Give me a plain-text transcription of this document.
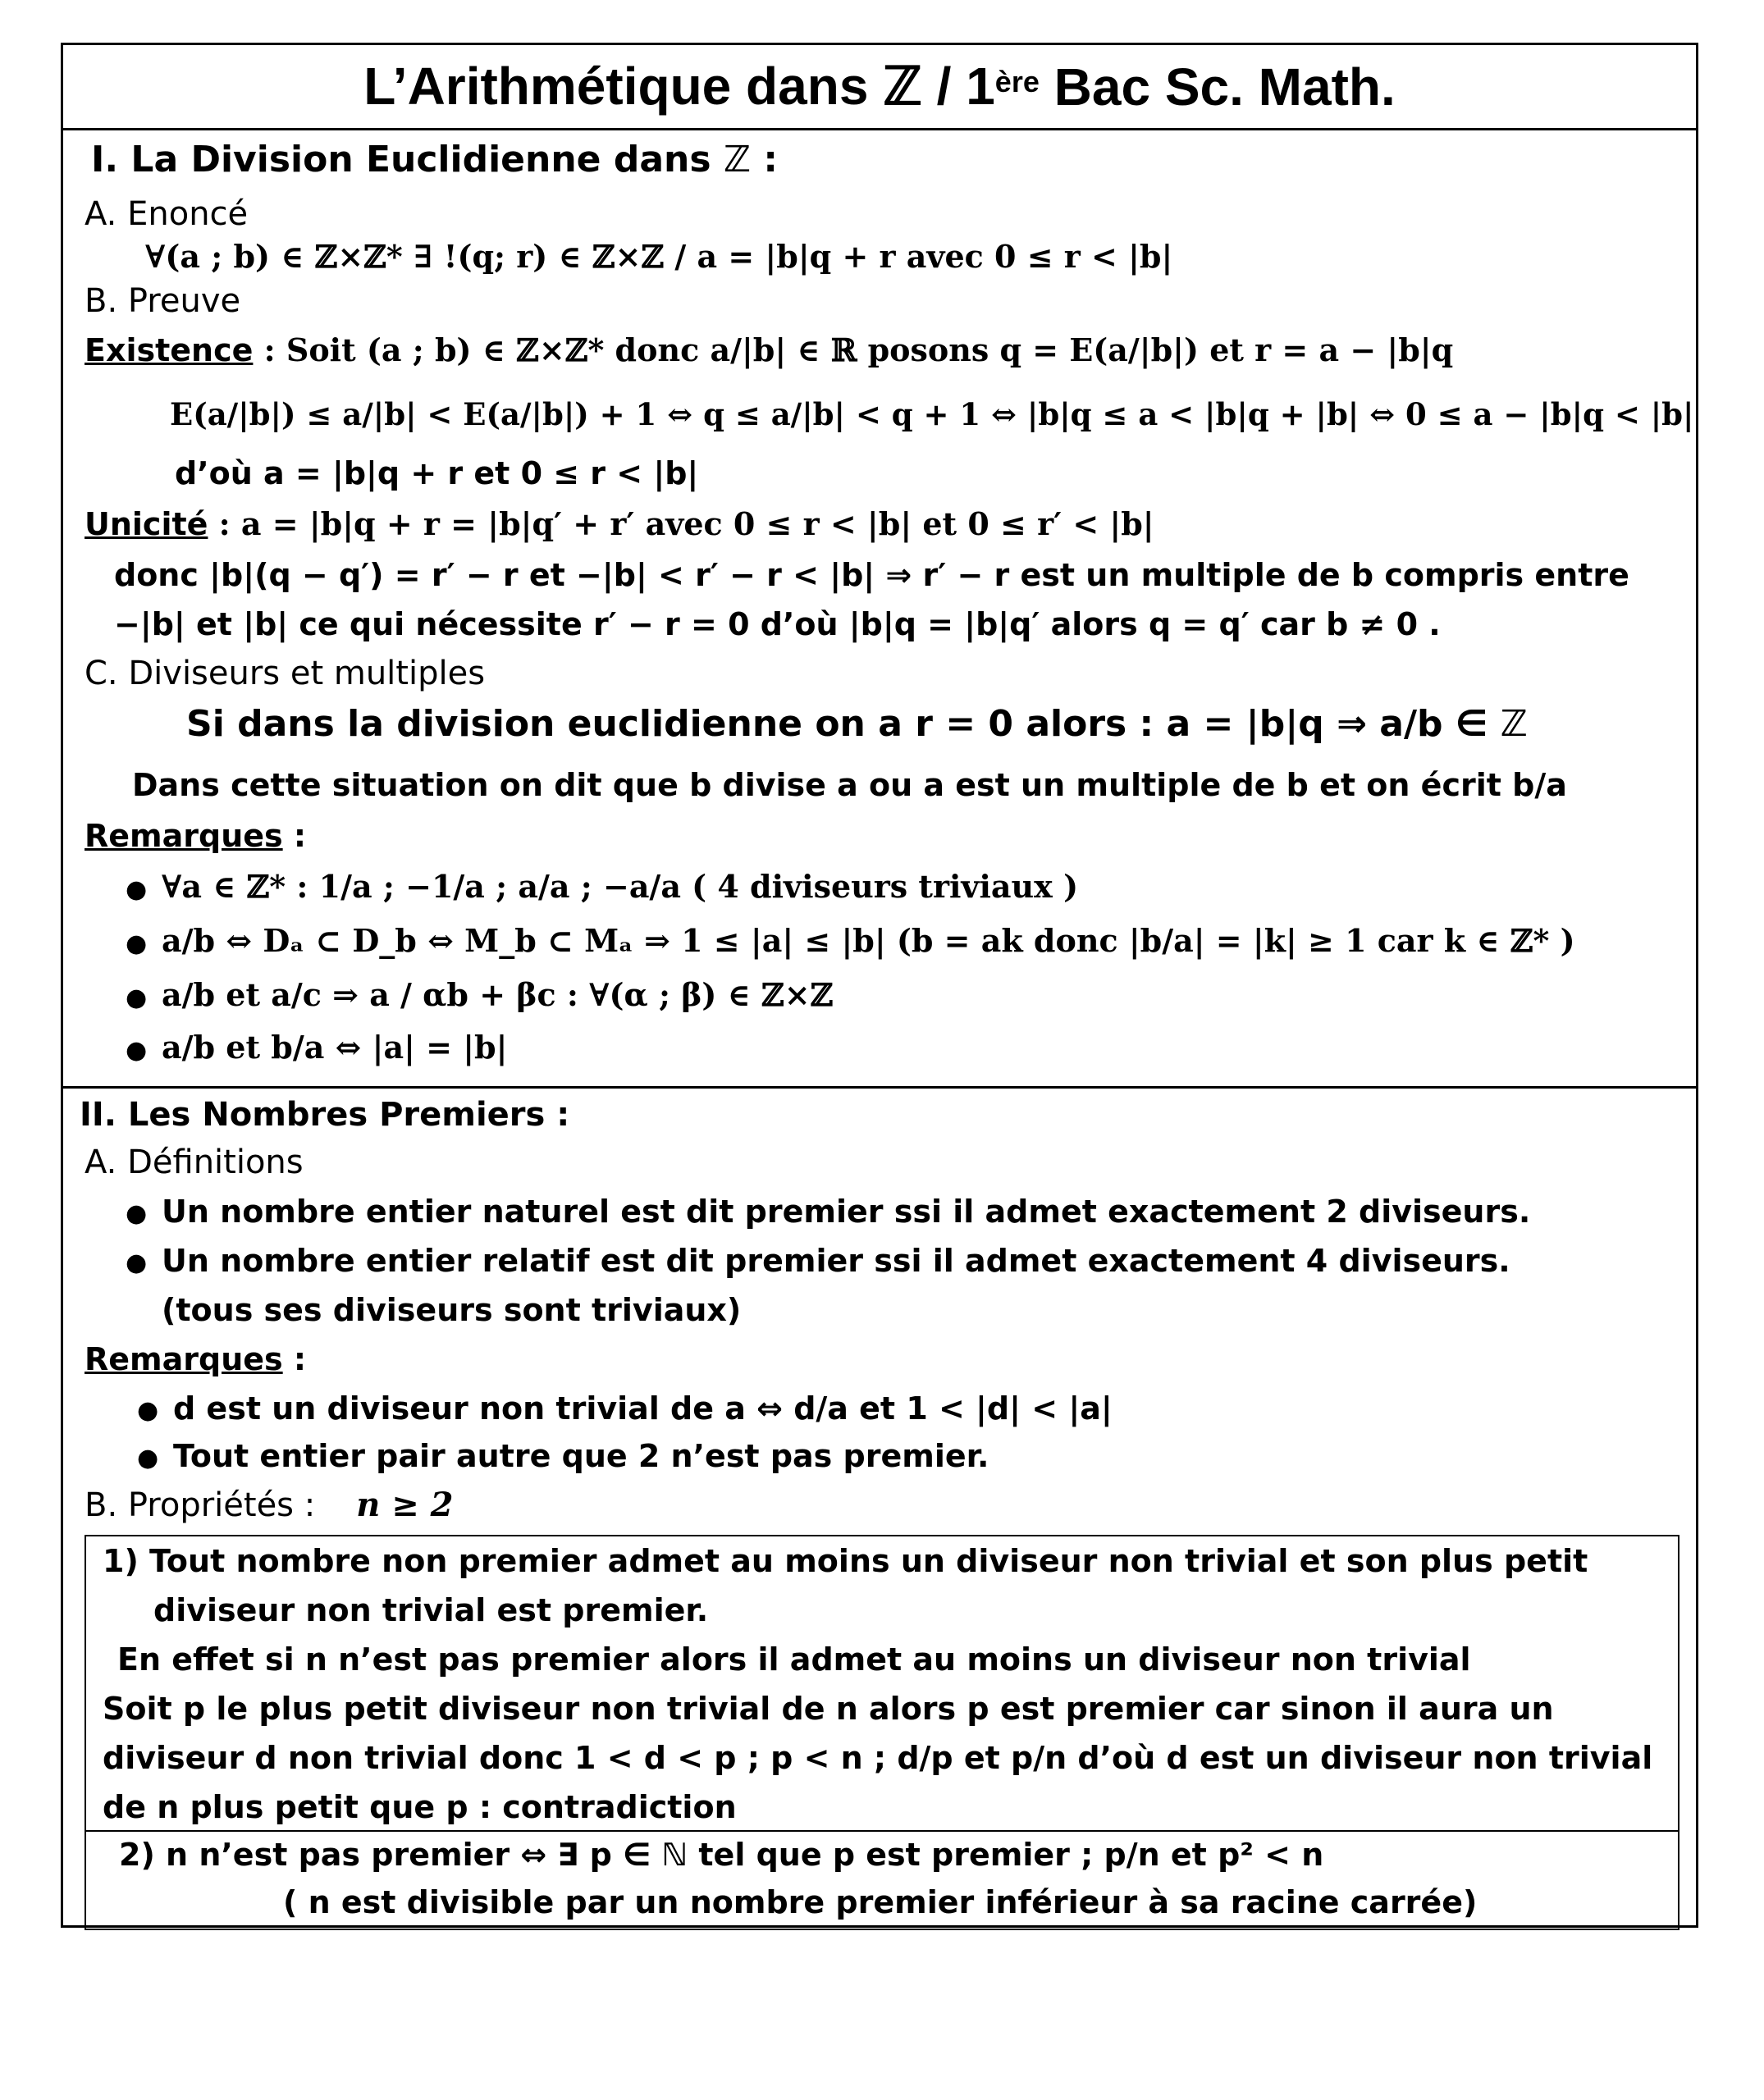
L’Arithmétique dans ℤ / 1ère Bac Sc. Math.
I. La Division Euclidienne dans ℤ :
A. Enoncé
∀(a ; b) ∈ ℤ×ℤ* ∃ !(q; r) ∈ ℤ×ℤ / a = |b|q + r avec 0 ≤ r < |b|
B. Preuve
Existence : Soit (a ; b) ∈ ℤ×ℤ* donc a/|b| ∈ ℝ posons q = E(a/|b|) et r = a − |b|q
E(a/|b|) ≤ a/|b| < E(a/|b|) + 1 ⇔ q ≤ a/|b| < q + 1 ⇔ |b|q ≤ a < |b|q + |b| ⇔ 0 ≤ a − |b|q < |b|
d’où a = |b|q + r et 0 ≤ r < |b|
Unicité : a = |b|q + r = |b|q′ + r′ avec 0 ≤ r < |b| et 0 ≤ r′ < |b|
donc |b|(q − q′) = r′ − r et −|b| < r′ − r < |b| ⇒ r′ − r est un multiple de b compris entre
−|b| et |b| ce qui nécessite r′ − r = 0 d’où |b|q = |b|q′ alors q = q′ car b ≠ 0 .
C. Diviseurs et multiples
Si dans la division euclidienne on a r = 0 alors : a = |b|q ⇒ a/b ∈ ℤ
Dans cette situation on dit que b divise a ou a est un multiple de b et on écrit b/a
Remarques :
● ∀a ∈ ℤ* : 1/a ; −1/a ; a/a ; −a/a ( 4 diviseurs triviaux )
● a/b ⇔ Dₐ ⊂ D_b ⇔ M_b ⊂ Mₐ ⇒ 1 ≤ |a| ≤ |b| (b = ak donc |b/a| = |k| ≥ 1 car k ∈ ℤ* )
● a/b et a/c ⇒ a / αb + βc : ∀(α ; β) ∈ ℤ×ℤ
● a/b et b/a ⇔ |a| = |b|
II. Les Nombres Premiers :
A. Définitions
● Un nombre entier naturel est dit premier ssi il admet exactement 2 diviseurs.
● Un nombre entier relatif est dit premier ssi il admet exactement 4 diviseurs.
(tous ses diviseurs sont triviaux)
Remarques :
● d est un diviseur non trivial de a ⇔ d/a et 1 < |d| < |a|
● Tout entier pair autre que 2 n’est pas premier.
B. Propriétés : n ≥ 2
1) Tout nombre non premier admet au moins un diviseur non trivial et son plus petit
diviseur non trivial est premier.
En effet si n n’est pas premier alors il admet au moins un diviseur non trivial
Soit p le plus petit diviseur non trivial de n alors p est premier car sinon il aura un
diviseur d non trivial donc 1 < d < p ; p < n ; d/p et p/n d’où d est un diviseur non trivial
de n plus petit que p : contradiction
2) n n’est pas premier ⇔ ∃ p ∈ ℕ tel que p est premier ; p/n et p² < n
( n est divisible par un nombre premier inférieur à sa racine carrée)
